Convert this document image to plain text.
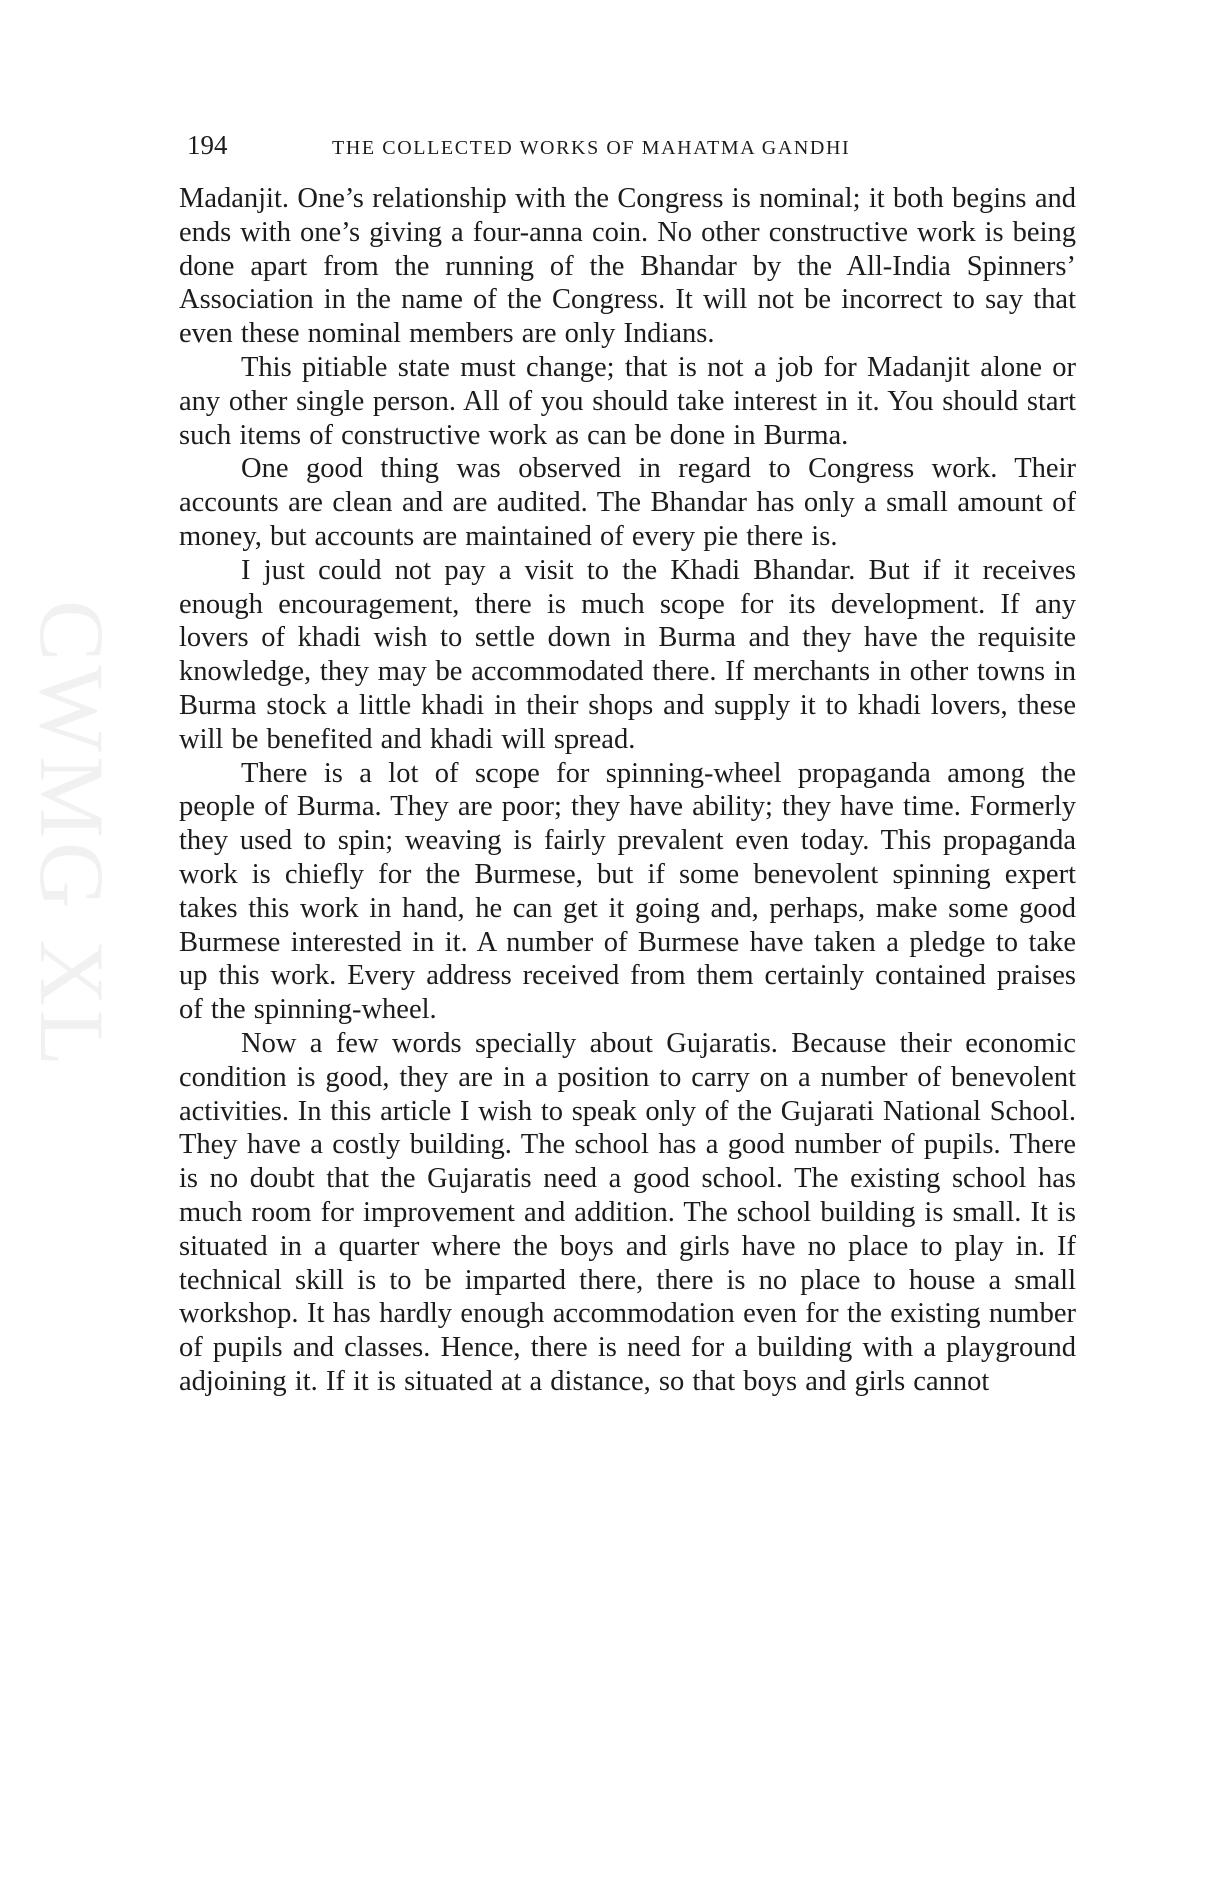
CWMG XL
194	THE COLLECTED WORKS OF MAHATMA GANDHI

Madanjit. One’s relationship with the Congress is nominal; it both begins and ends with one’s giving a four-anna coin. No other constructive work is being done apart from the running of the Bhandar by the All-India Spinners’ Association in the name of the Congress. It will not be incorrect to say that even these nominal members are only Indians.

This pitiable state must change; that is not a job for Madanjit alone or any other single person. All of you should take interest in it. You should start such items of constructive work as can be done in Burma.

One good thing was observed in regard to Congress work. Their accounts are clean and are audited. The Bhandar has only a small amount of money, but accounts are maintained of every pie there is.

I just could not pay a visit to the Khadi Bhandar. But if it receives enough encouragement, there is much scope for its development. If any lovers of khadi wish to settle down in Burma and they have the requisite knowledge, they may be accommodated there. If merchants in other towns in Burma stock a little khadi in their shops and supply it to khadi lovers, these will be benefited and khadi will spread.

There is a lot of scope for spinning-wheel propaganda among the people of Burma. They are poor; they have ability; they have time. Formerly they used to spin; weaving is fairly prevalent even today. This propaganda work is chiefly for the Burmese, but if some benevolent spinning expert takes this work in hand, he can get it going and, perhaps, make some good Burmese interested in it. A number of Burmese have taken a pledge to take up this work. Every address received from them certainly contained praises of the spinning-wheel.

Now a few words specially about Gujaratis. Because their economic condition is good, they are in a position to carry on a number of benevolent activities. In this article I wish to speak only of the Gujarati National School. They have a costly building. The school has a good number of pupils. There is no doubt that the Gujaratis need a good school. The existing school has much room for improvement and addition. The school building is small. It is situated in a quarter where the boys and girls have no place to play in. If technical skill is to be imparted there, there is no place to house a small workshop. It has hardly enough accommodation even for the existing number of pupils and classes. Hence, there is need for a building with a playground adjoining it. If it is situated at a distance, so that boys and girls cannot
